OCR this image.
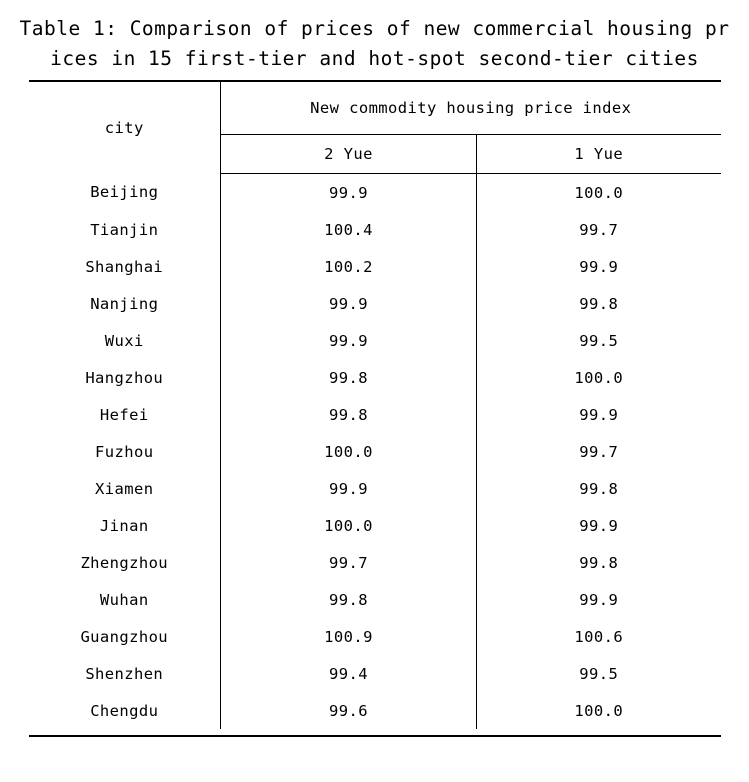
Table 1: Comparison of prices of new commercial housing prices in 15 first-tier and hot-spot second-tier cities
city	New commodity housing price index	
	2 Yue	1 Yue
Beijing	99.9	100.0
Tianjin	100.4	99.7
Shanghai	100.2	99.9
Nanjing	99.9	99.8
Wuxi	99.9	99.5
Hangzhou	99.8	100.0
Hefei	99.8	99.9
Fuzhou	100.0	99.7
Xiamen	99.9	99.8
Jinan	100.0	99.9
Zhengzhou	99.7	99.8
Wuhan	99.8	99.9
Guangzhou	100.9	100.6
Shenzhen	99.4	99.5
Chengdu	99.6	100.0
